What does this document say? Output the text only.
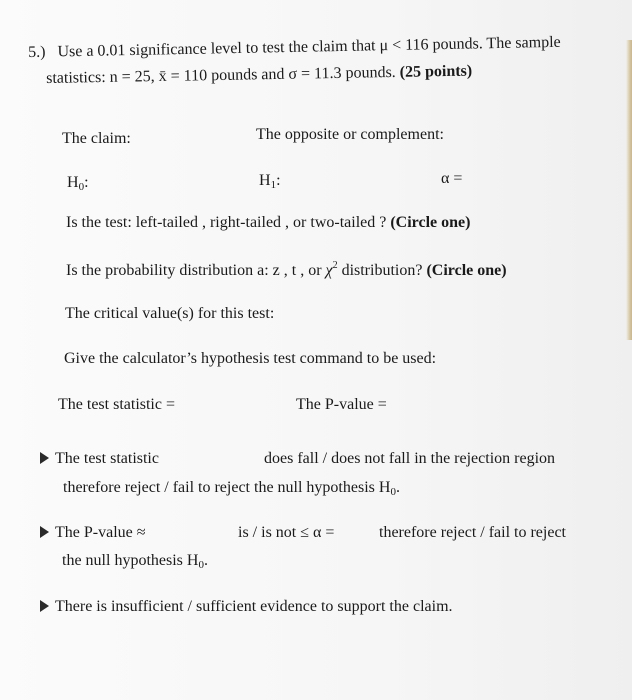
5.) Use a 0.01 significance level to test the claim that μ < 116 pounds. The sample
statistics: n = 25, x̄ = 110 pounds and σ = 11.3 pounds. (25 points)
The claim:	The opposite or complement:
$H_0$:	$H_1$:	α =
Is the test: left-tailed , right-tailed , or two-tailed ? (Circle one)
Is the probability distribution a: z , t , or $\chi^2$ distribution? (Circle one)
The critical value(s) for this test:
Give the calculator’s hypothesis test command to be used:
The test statistic =	The P-value =
The test statistic	does fall / does not fall in the rejection region
therefore reject / fail to reject the null hypothesis $H_0$.
The P-value ≈	is / is not ≤ α =	therefore reject / fail to reject
the null hypothesis $H_0$.
There is insufficient / sufficient evidence to support the claim.
